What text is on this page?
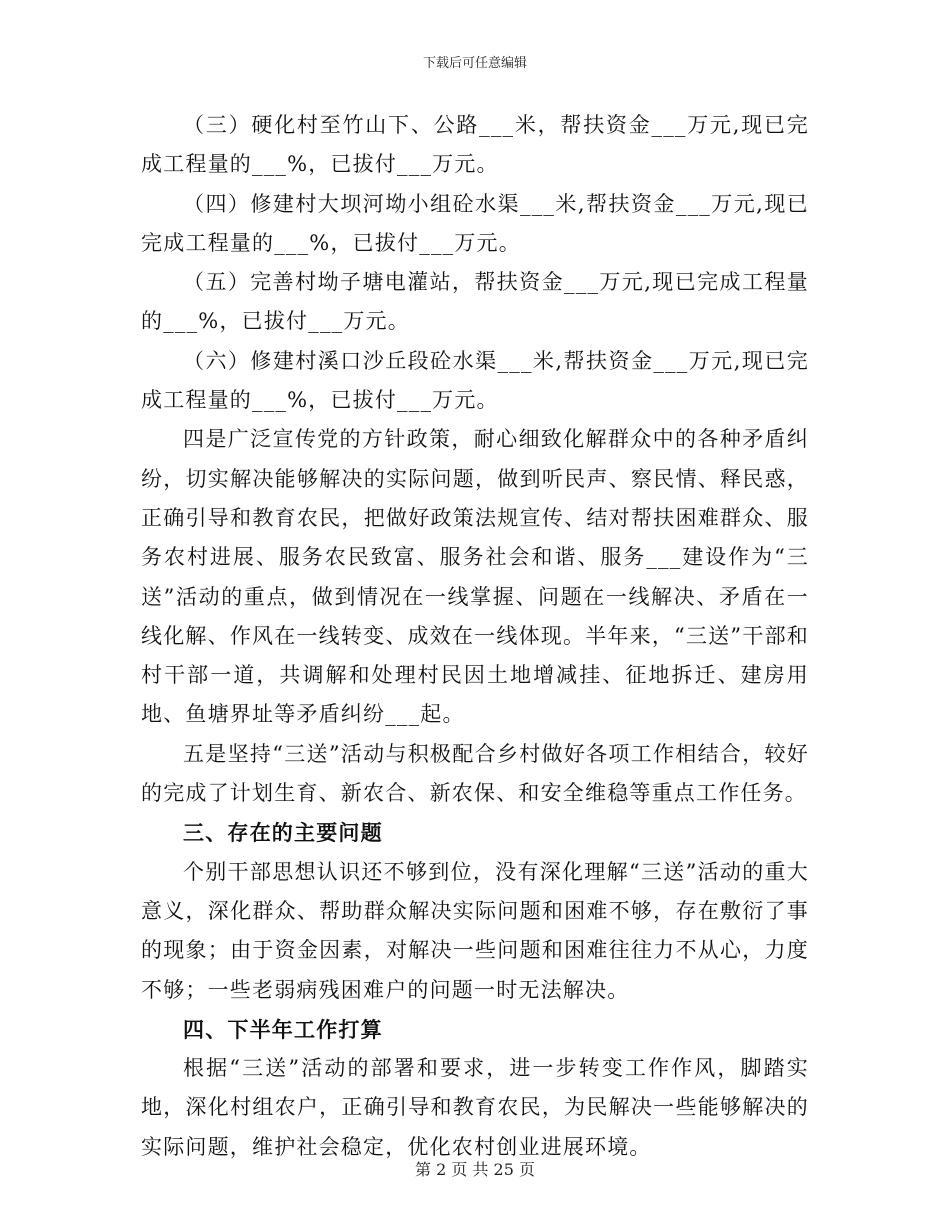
下载后可任意编辑

（三）硬化村至竹山下、公路___米，帮扶资金___万元,现已完成工程量的___%，已拔付___万元。

（四）修建村大坝河坳小组砼水渠___米,帮扶资金___万元,现已完成工程量的___%，已拔付___万元。

（五）完善村坳子塘电灌站，帮扶资金___万元,现已完成工程量的___%，已拔付___万元。

（六）修建村溪口沙丘段砼水渠___米,帮扶资金___万元,现已完成工程量的___%，已拔付___万元。

四是广泛宣传党的方针政策，耐心细致化解群众中的各种矛盾纠纷，切实解决能够解决的实际问题，做到听民声、察民情、释民惑，正确引导和教育农民，把做好政策法规宣传、结对帮扶困难群众、服务农村进展、服务农民致富、服务社会和谐、服务___建设作为“三送”活动的重点，做到情况在一线掌握、问题在一线解决、矛盾在一线化解、作风在一线转变、成效在一线体现。半年来，“三送”干部和村干部一道，共调解和处理村民因土地增减挂、征地拆迁、建房用地、鱼塘界址等矛盾纠纷___起。

五是坚持“三送”活动与积极配合乡村做好各项工作相结合，较好的完成了计划生育、新农合、新农保、和安全维稳等重点工作任务。

三、存在的主要问题

个别干部思想认识还不够到位，没有深化理解“三送”活动的重大意义，深化群众、帮助群众解决实际问题和困难不够，存在敷衍了事的现象；由于资金因素，对解决一些问题和困难往往力不从心，力度不够；一些老弱病残困难户的问题一时无法解决。

四、下半年工作打算

根据“三送”活动的部署和要求，进一步转变工作作风，脚踏实地，深化村组农户，正确引导和教育农民，为民解决一些能够解决的实际问题，维护社会稳定，优化农村创业进展环境。

第 2 页 共 25 页
